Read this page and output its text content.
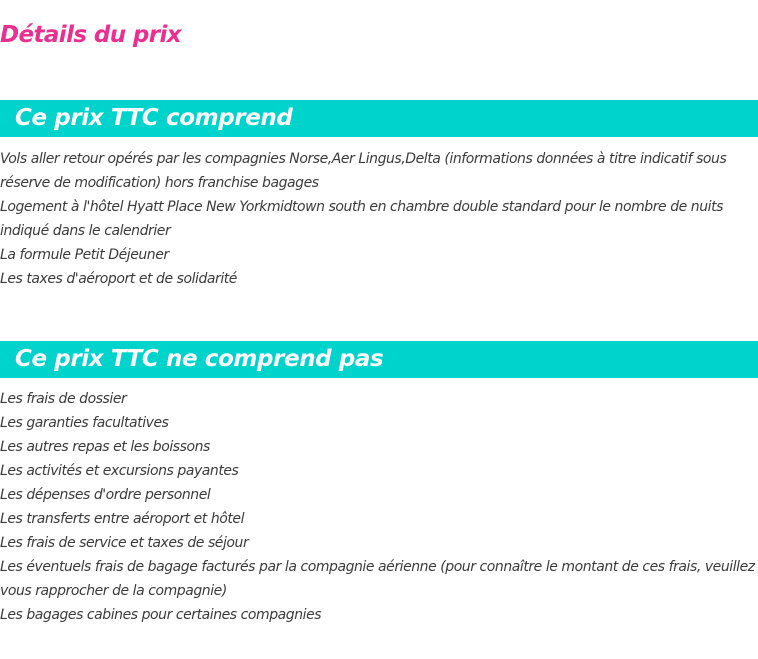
Détails du prix
Ce prix TTC comprend
Vols aller retour opérés par les compagnies Norse,Aer Lingus,Delta (informations données à titre indicatif sous réserve de modification) hors franchise bagages
Logement à l'hôtel Hyatt Place New Yorkmidtown south en chambre double standard pour le nombre de nuits indiqué dans le calendrier
La formule Petit Déjeuner
Les taxes d'aéroport et de solidarité
Ce prix TTC ne comprend pas
Les frais de dossier
Les garanties facultatives
Les autres repas et les boissons
Les activités et excursions payantes
Les dépenses d'ordre personnel
Les transferts entre aéroport et hôtel
Les frais de service et taxes de séjour
Les éventuels frais de bagage facturés par la compagnie aérienne (pour connaître le montant de ces frais, veuillez vous rapprocher de la compagnie)
Les bagages cabines pour certaines compagnies
